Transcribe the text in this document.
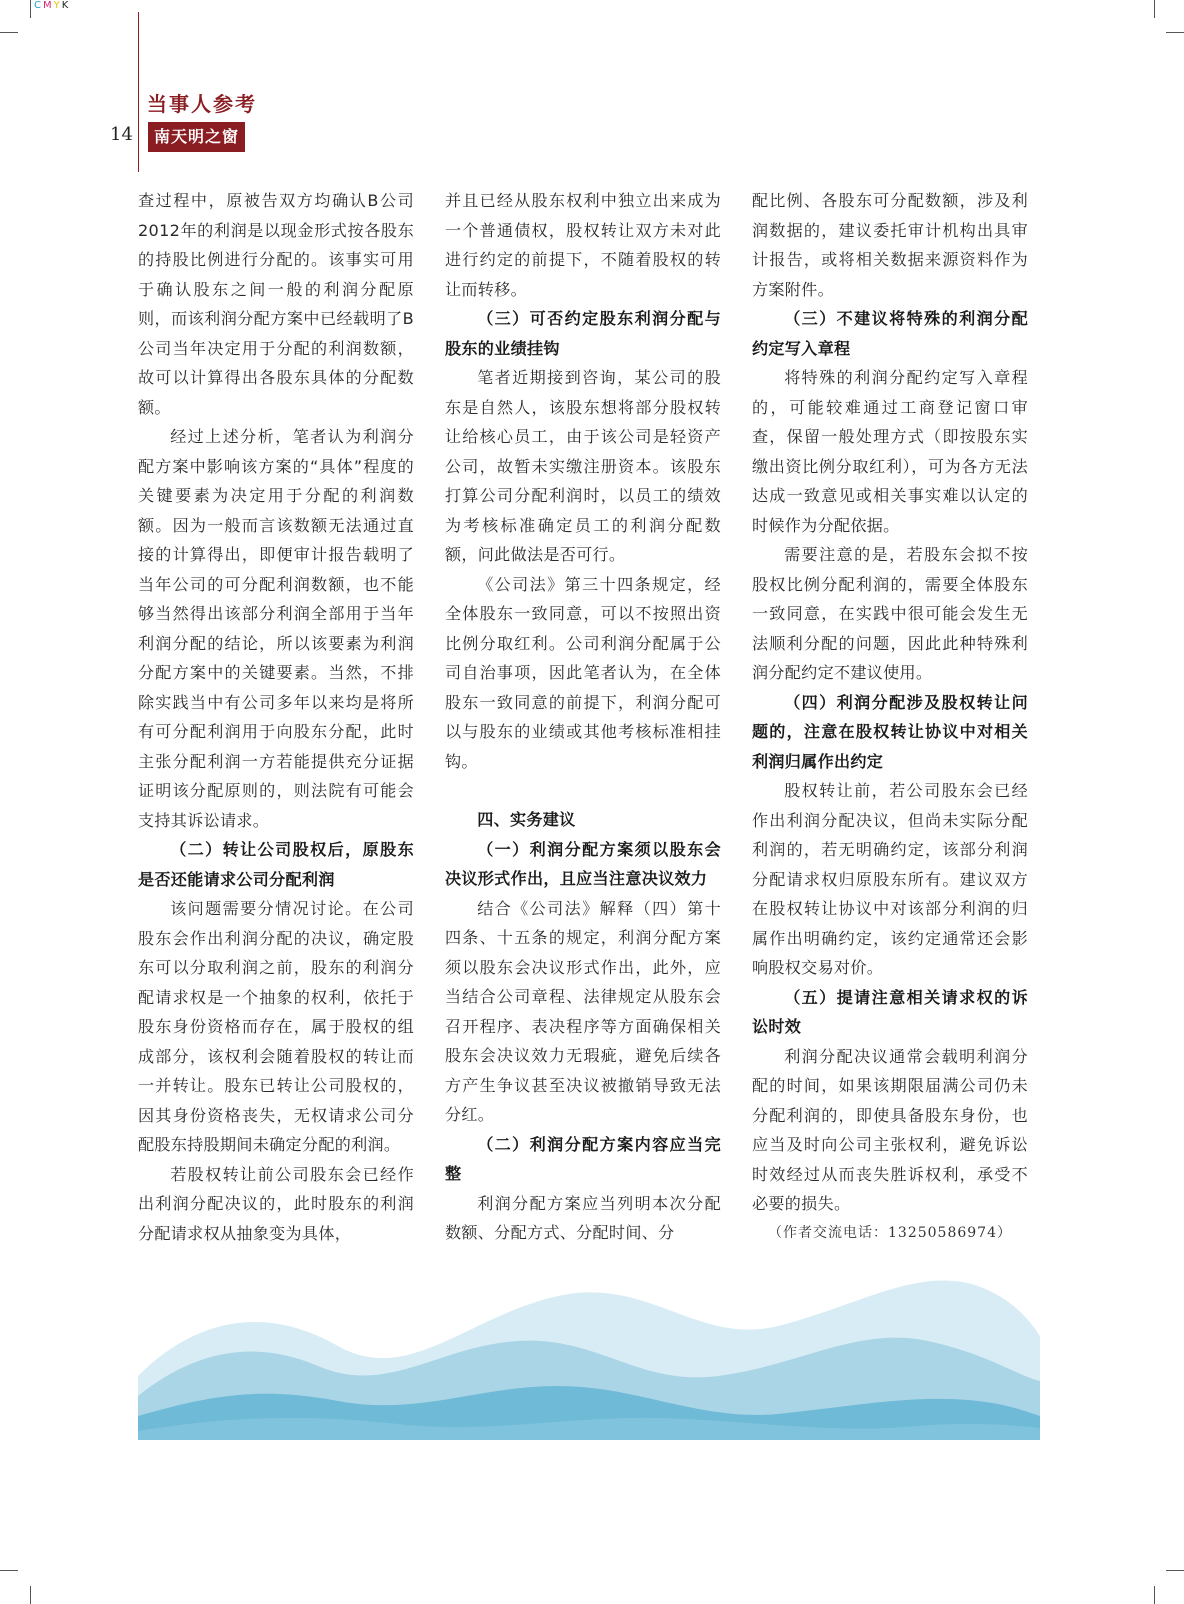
CMYK
当事人参考
14	南天明之窗

查过程中，原被告双方均确认B公司2012年的利润是以现金形式按各股东的持股比例进行分配的。该事实可用于确认股东之间一般的利润分配原则，而该利润分配方案中已经载明了B公司当年决定用于分配的利润数额，故可以计算得出各股东具体的分配数额。

经过上述分析，笔者认为利润分配方案中影响该方案的“具体”程度的关键要素为决定用于分配的利润数额。因为一般而言该数额无法通过直接的计算得出，即便审计报告载明了当年公司的可分配利润数额，也不能够当然得出该部分利润全部用于当年利润分配的结论，所以该要素为利润分配方案中的关键要素。当然，不排除实践当中有公司多年以来均是将所有可分配利润用于向股东分配，此时主张分配利润一方若能提供充分证据证明该分配原则的，则法院有可能会支持其诉讼请求。

（二）转让公司股权后，原股东是否还能请求公司分配利润

该问题需要分情况讨论。在公司股东会作出利润分配的决议，确定股东可以分取利润之前，股东的利润分配请求权是一个抽象的权利，依托于股东身份资格而存在，属于股权的组成部分，该权利会随着股权的转让而一并转让。股东已转让公司股权的，因其身份资格丧失，无权请求公司分配股东持股期间未确定分配的利润。

若股权转让前公司股东会已经作出利润分配决议的，此时股东的利润分配请求权从抽象变为具体，

并且已经从股东权利中独立出来成为一个普通债权，股权转让双方未对此进行约定的前提下，不随着股权的转让而转移。

（三）可否约定股东利润分配与股东的业绩挂钩

笔者近期接到咨询，某公司的股东是自然人，该股东想将部分股权转让给核心员工，由于该公司是轻资产公司，故暂未实缴注册资本。该股东打算公司分配利润时，以员工的绩效为考核标准确定员工的利润分配数额，问此做法是否可行。

《公司法》第三十四条规定，经全体股东一致同意，可以不按照出资比例分取红利。公司利润分配属于公司自治事项，因此笔者认为，在全体股东一致同意的前提下，利润分配可以与股东的业绩或其他考核标准相挂钩。

四、实务建议

（一）利润分配方案须以股东会决议形式作出，且应当注意决议效力

结合《公司法》解释（四）第十四条、十五条的规定，利润分配方案须以股东会决议形式作出，此外，应当结合公司章程、法律规定从股东会召开程序、表决程序等方面确保相关股东会决议效力无瑕疵，避免后续各方产生争议甚至决议被撤销导致无法分红。

（二）利润分配方案内容应当完整

利润分配方案应当列明本次分配数额、分配方式、分配时间、分

配比例、各股东可分配数额，涉及利润数据的，建议委托审计机构出具审计报告，或将相关数据来源资料作为方案附件。

（三）不建议将特殊的利润分配约定写入章程

将特殊的利润分配约定写入章程的，可能较难通过工商登记窗口审查，保留一般处理方式（即按股东实缴出资比例分取红利），可为各方无法达成一致意见或相关事实难以认定的时候作为分配依据。

需要注意的是，若股东会拟不按股权比例分配利润的，需要全体股东一致同意，在实践中很可能会发生无法顺利分配的问题，因此此种特殊利润分配约定不建议使用。

（四）利润分配涉及股权转让问题的，注意在股权转让协议中对相关利润归属作出约定

股权转让前，若公司股东会已经作出利润分配决议，但尚未实际分配利润的，若无明确约定，该部分利润分配请求权归原股东所有。建议双方在股权转让协议中对该部分利润的归属作出明确约定，该约定通常还会影响股权交易对价。

（五）提请注意相关请求权的诉讼时效

利润分配决议通常会载明利润分配的时间，如果该期限届满公司仍未分配利润的，即使具备股东身份，也应当及时向公司主张权利，避免诉讼时效经过从而丧失胜诉权利，承受不必要的损失。

（作者交流电话：13250586974）
